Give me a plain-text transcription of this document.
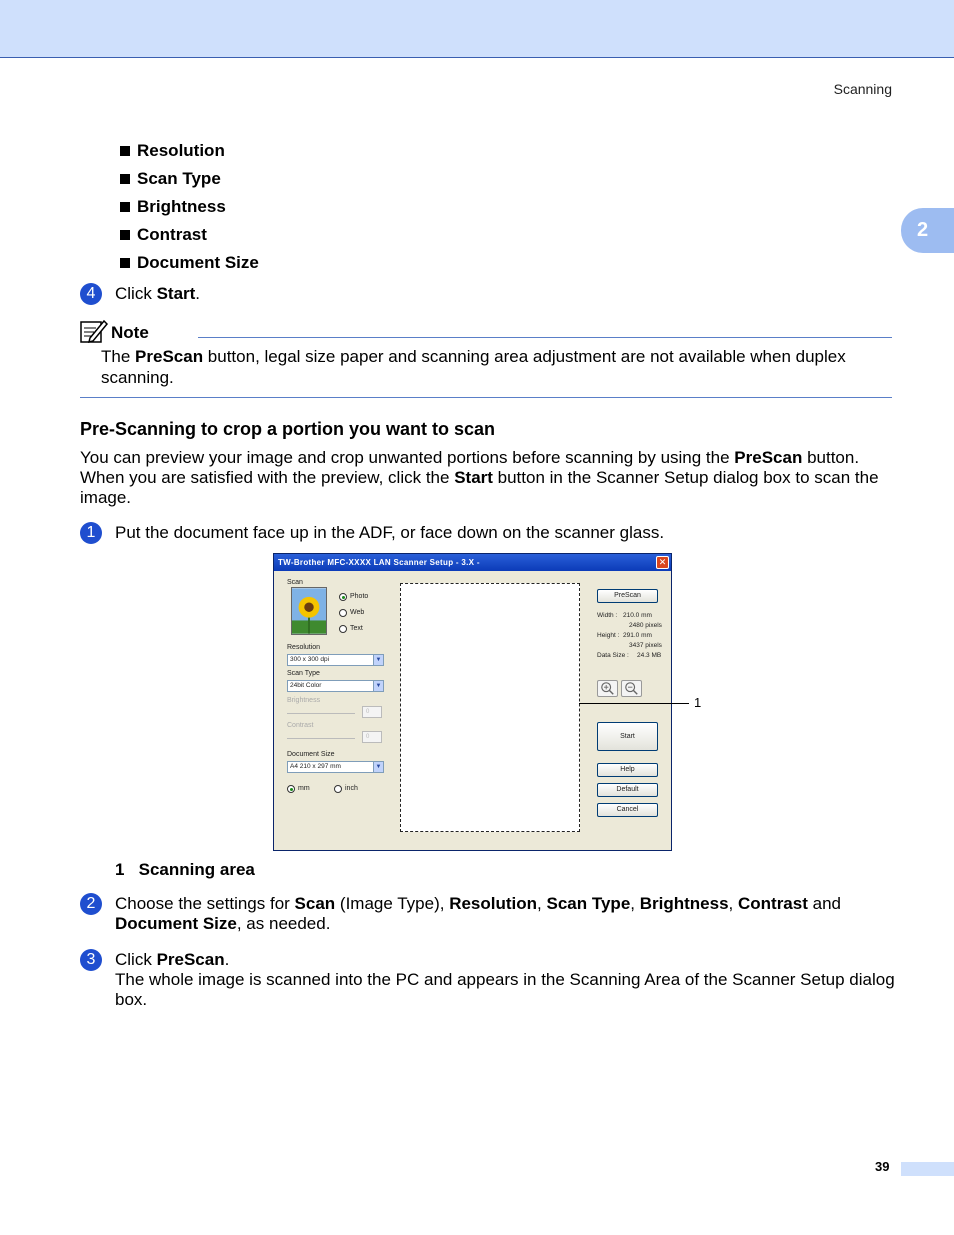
Scanning
2
Resolution
Scan Type
Brightness
Contrast
Document Size
4	Click Start.
Note
The PreScan button, legal size paper and scanning area adjustment are not available when duplex scanning.
Pre-Scanning to crop a portion you want to scan
You can preview your image and crop unwanted portions before scanning by using the PreScan button. When you are satisfied with the preview, click the Start button in the Scanner Setup dialog box to scan the image.
1	Put the document face up in the ADF, or face down on the scanner glass.
TW-Brother MFC-XXXX LAN Scanner Setup - 3.X -	✕
Scan
Photo
Web
Text
Resolution
300 x 300 dpi	▼
Scan Type
24bit Color	▼
Brightness
0
Contrast
0
Document Size
A4 210 x 297 mm	▼
mm	inch
PreScan
Width : 210.0 mm
2480 pixels
Height : 291.0 mm
3437 pixels
Data Size : 24.3 MB
Start
Help
Default
Cancel
1
1 Scanning area
2	Choose the settings for Scan (Image Type), Resolution, Scan Type, Brightness, Contrast and Document Size, as needed.
3	Click PreScan.
The whole image is scanned into the PC and appears in the Scanning Area of the Scanner Setup dialog box.
39
